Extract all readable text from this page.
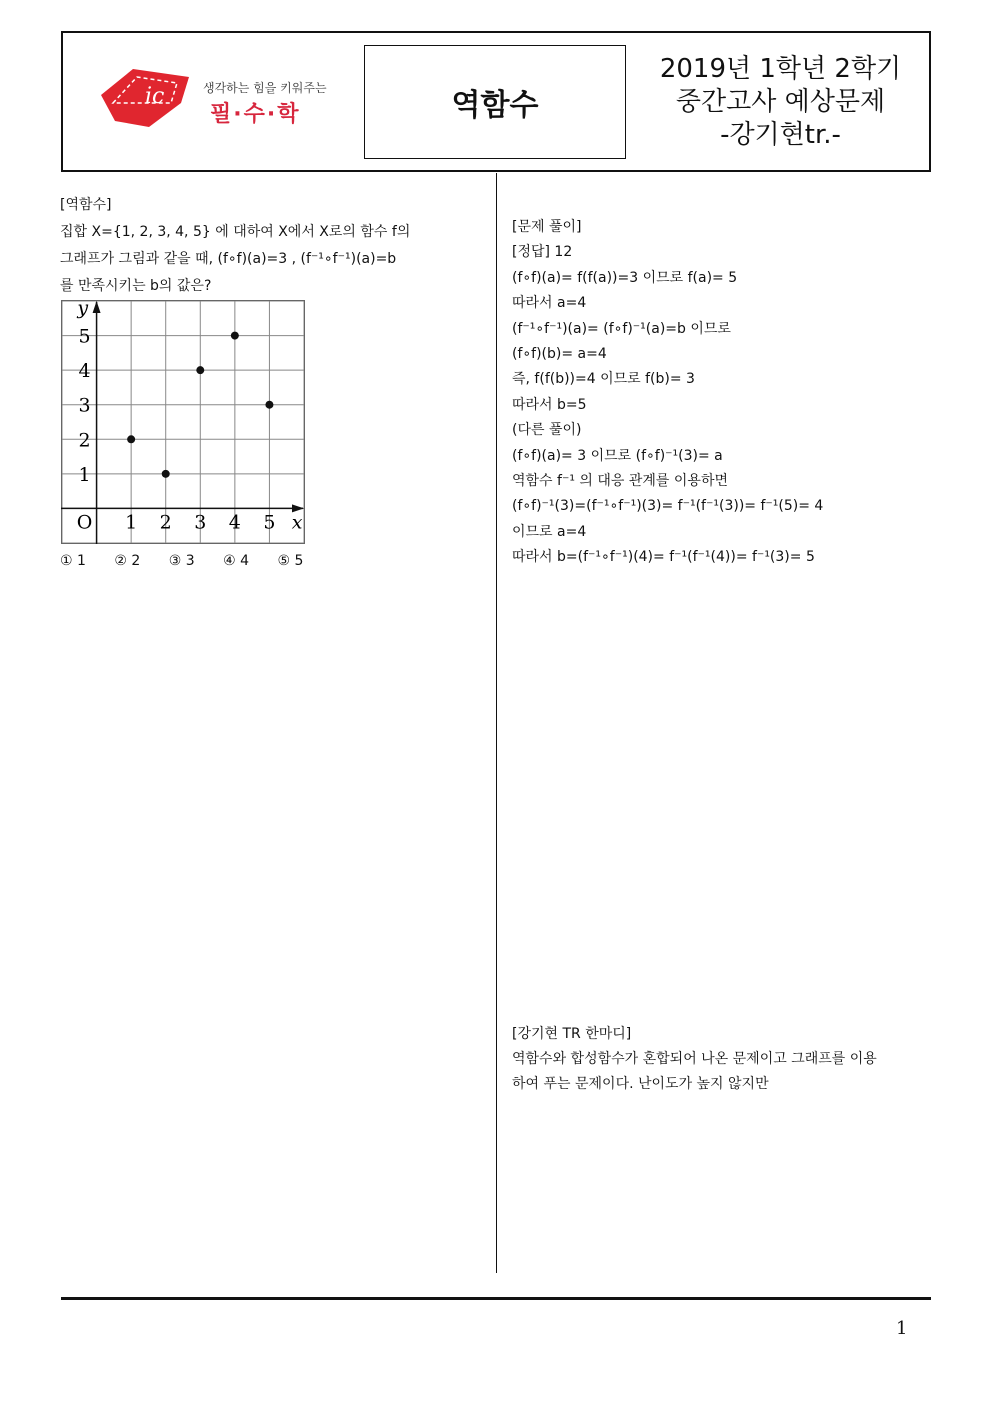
ic	생각하는 힘을 키워주는
필·수·학	역함수
2019년 1학년 2학기
중간고사 예상문제
-강기현tr.-
[역함수]
집합 X={1, 2, 3, 4, 5} 에 대하여 X에서 X로의 함수 f의
그래프가 그림과 같을 때, (f∘f)(a)=3 , (f⁻¹∘f⁻¹)(a)=b
를 만족시키는 b의 값은?
1 2 3 4 5
1
2
3
4
5
O	x
y
① 1 ② 2 ③ 3 ④ 4 ⑤ 5
[문제 풀이]
[정답] 12
(f∘f)(a)= f(f(a))=3 이므로 f(a)= 5
따라서 a=4
(f⁻¹∘f⁻¹)(a)= (f∘f)⁻¹(a)=b 이므로
(f∘f)(b)= a=4
즉, f(f(b))=4 이므로 f(b)= 3
따라서 b=5
(다른 풀이)
(f∘f)(a)= 3 이므로 (f∘f)⁻¹(3)= a
역함수 f⁻¹ 의 대응 관계를 이용하면
(f∘f)⁻¹(3)=(f⁻¹∘f⁻¹)(3)= f⁻¹(f⁻¹(3))= f⁻¹(5)= 4
이므로 a=4
따라서 b=(f⁻¹∘f⁻¹)(4)= f⁻¹(f⁻¹(4))= f⁻¹(3)= 5
[강기현 TR 한마디]
역함수와 합성함수가 혼합되어 나온 문제이고 그래프를 이용
하여 푸는 문제이다. 난이도가 높지 않지만
1
